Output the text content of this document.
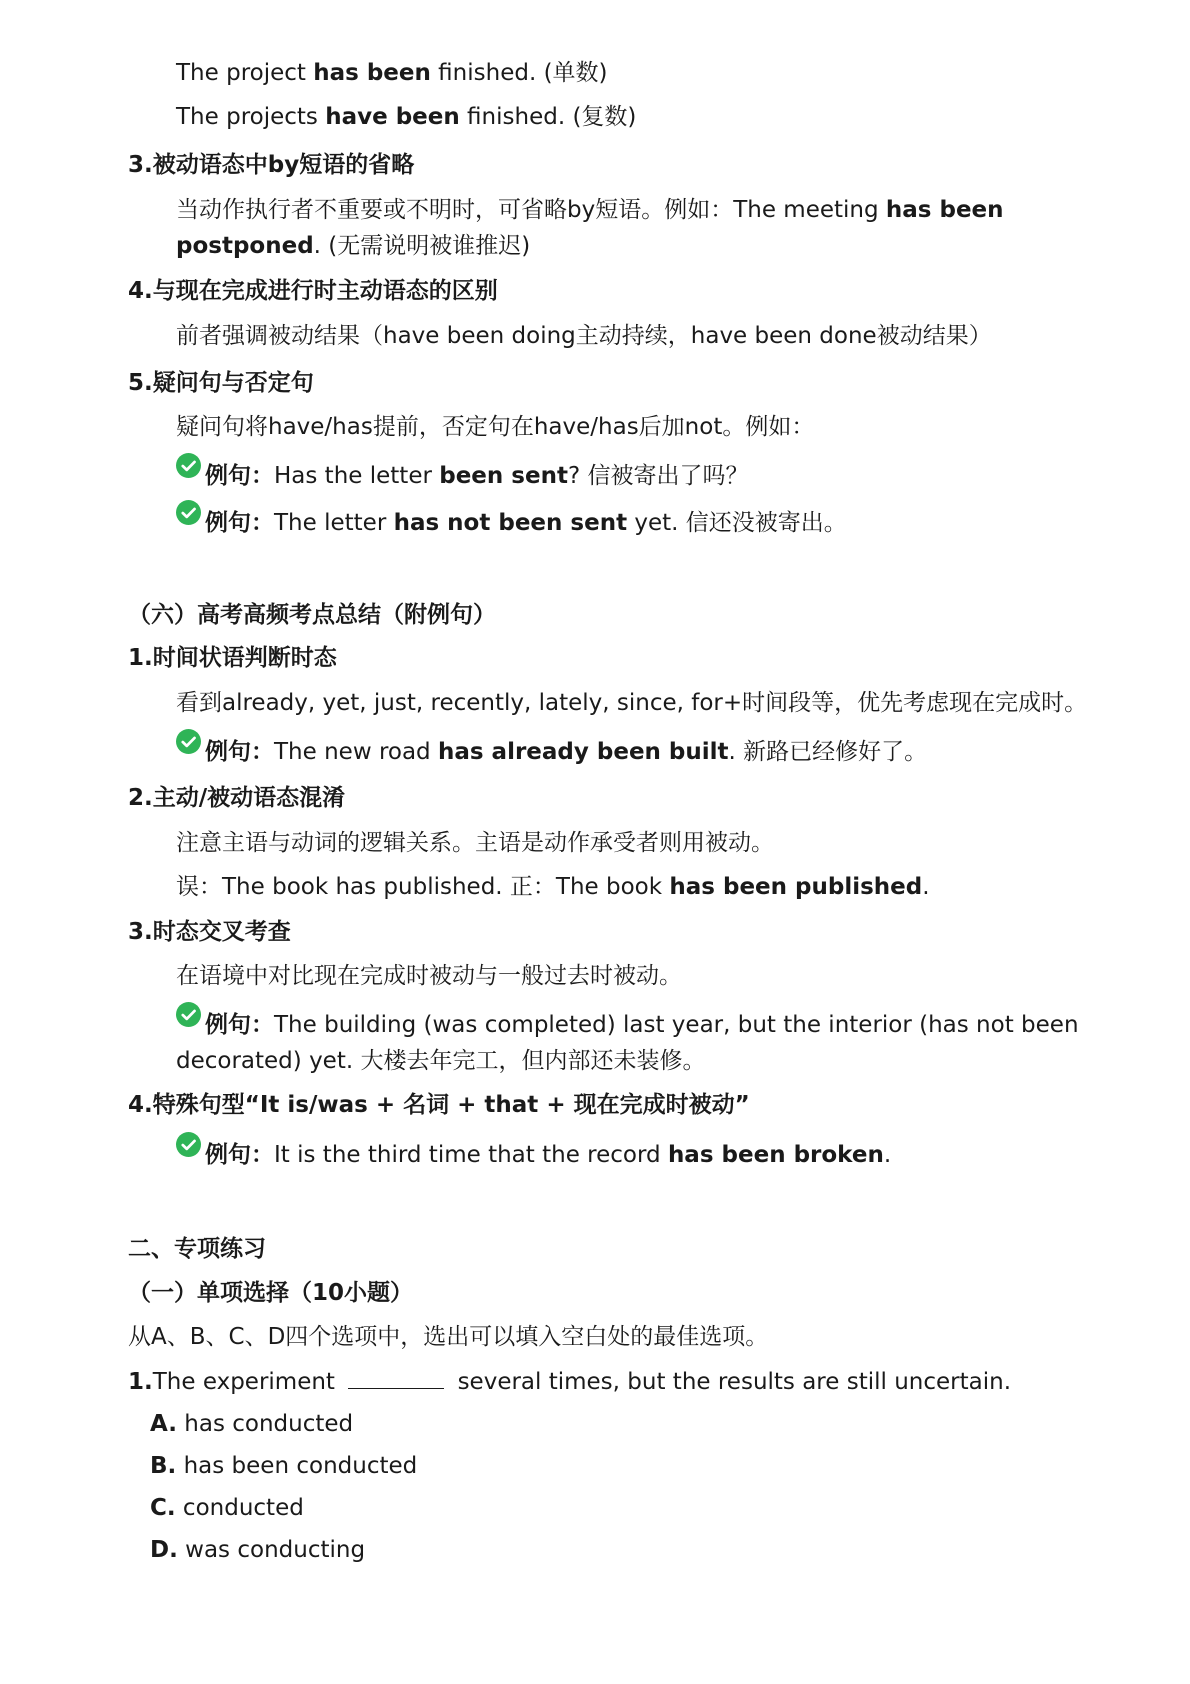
The project has been finished. (单数)
The projects have been finished. (复数)
3.被动语态中by短语的省略
当动作执行者不重要或不明时，可省略by短语。例如：The meeting has been
postponed. (无需说明被谁推迟)
4.与现在完成进行时主动语态的区别
前者强调被动结果（have been doing主动持续，have been done被动结果）
5.疑问句与否定句
疑问句将have/has提前，否定句在have/has后加not。例如：
例句：Has the letter been sent? 信被寄出了吗？
例句：The letter has not been sent yet. 信还没被寄出。
（六）高考高频考点总结（附例句）
1.时间状语判断时态
看到already, yet, just, recently, lately, since, for+时间段等，优先考虑现在完成时。
例句：The new road has already been built. 新路已经修好了。
2.主动/被动语态混淆
注意主语与动词的逻辑关系。主语是动作承受者则用被动。
误：The book has published. 正：The book has been published.
3.时态交叉考查
在语境中对比现在完成时被动与一般过去时被动。
例句：The building (was completed) last year, but the interior (has not been
decorated) yet. 大楼去年完工，但内部还未装修。
4.特殊句型“It is/was + 名词 + that + 现在完成时被动”
例句：It is the third time that the record has been broken.
二、专项练习
（一）单项选择（10小题）
从A、B、C、D四个选项中，选出可以填入空白处的最佳选项。
1.The experiment	several times, but the results are still uncertain.
A. has conducted
B. has been conducted
C. conducted
D. was conducting
